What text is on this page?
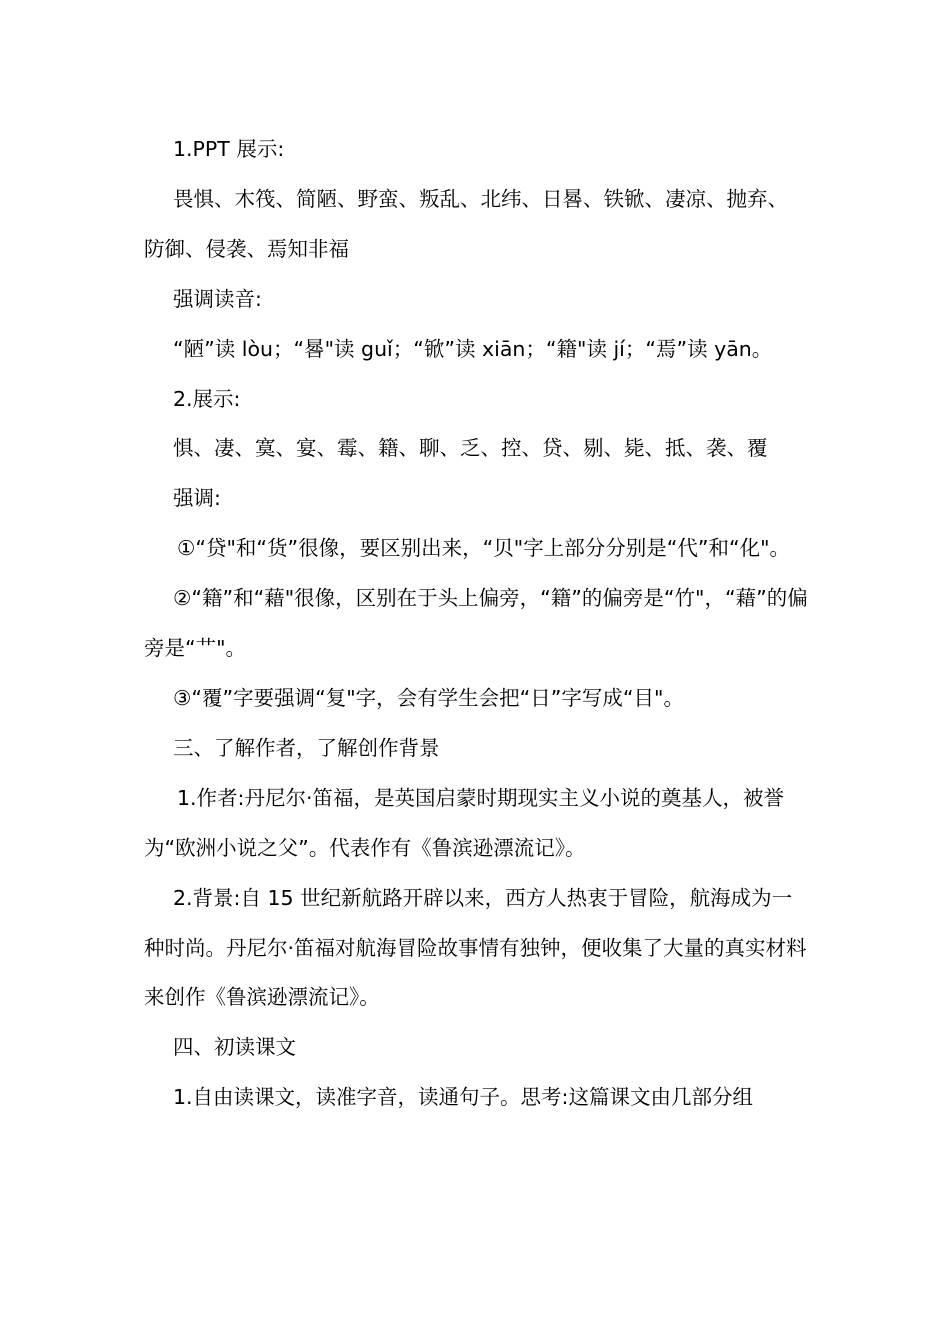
1.PPT 展示:

畏惧、木筏、简陋、野蛮、叛乱、北纬、日晷、铁锨、凄凉、抛弃、防御、侵袭、焉知非福

强调读音:

“陋”读 lòu；“晷"读 guǐ；“锨”读 xiān；“籍"读 jí；“焉”读 yān。

2.展示:

惧、凄、寞、宴、霉、籍、聊、乏、控、贷、剔、毙、抵、袭、覆

强调:

①“贷"和“货”很像，要区别出来，“贝"字上部分分别是“代”和“化"。

②“籍”和“藉"很像，区别在于头上偏旁，“籍”的偏旁是“竹"，“藉”的偏旁是“艹"。

③“覆”字要强调“复"字，会有学生会把“日”字写成“目"。

三、了解作者，了解创作背景

1.作者:丹尼尔·笛福，是英国启蒙时期现实主义小说的奠基人，被誉为“欧洲小说之父”。代表作有《鲁滨逊漂流记》。

2.背景:自 15 世纪新航路开辟以来，西方人热衷于冒险，航海成为一种时尚。丹尼尔·笛福对航海冒险故事情有独钟，便收集了大量的真实材料来创作《鲁滨逊漂流记》。

四、初读课文

1.自由读课文，读准字音，读通句子。思考:这篇课文由几部分组
